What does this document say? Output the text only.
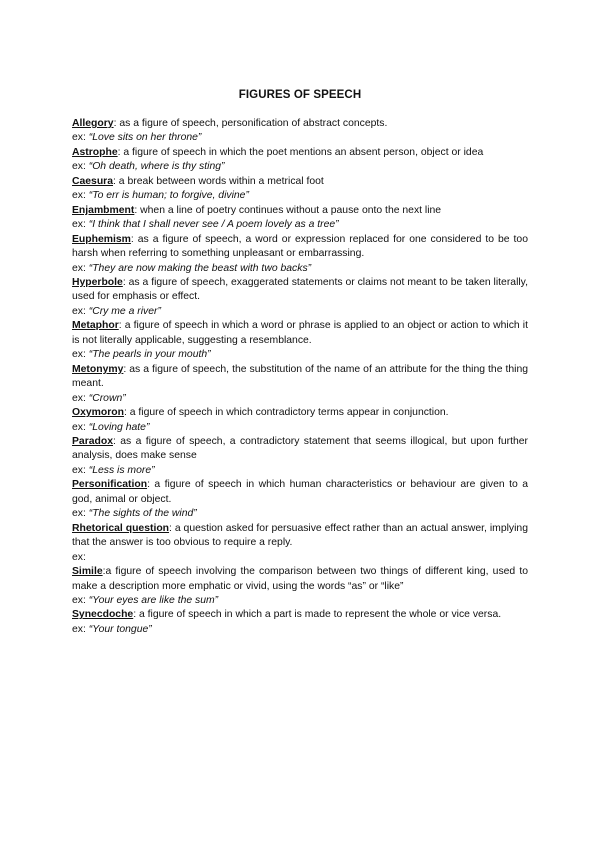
FIGURES OF SPEECH
Allegory: as a figure of speech, personification of abstract concepts.
ex: “Love sits on her throne”
Astrophe: a figure of speech in which the poet mentions an absent person, object or idea
ex: “Oh death, where is thy sting”
Caesura: a break between words within a metrical foot
ex: “To err is human; to forgive, divine”
Enjambment: when a line of poetry continues without a pause onto the next line
ex: “I think that I shall never see / A poem lovely as a tree”
Euphemism: as a figure of speech, a word or expression replaced for one considered to be too harsh when referring to something unpleasant or embarrassing.
ex: “They are now making the beast with two backs”
Hyperbole: as a figure of speech, exaggerated statements or claims not meant to be taken literally, used for emphasis or effect.
ex: “Cry me a river”
Metaphor: a figure of speech in which a word or phrase is applied to an object or action to which it is not literally applicable, suggesting a resemblance.
ex: “The pearls in your mouth”
Metonymy: as a figure of speech, the substitution of the name of an attribute for the thing the thing meant.
ex: “Crown”
Oxymoron: a figure of speech in which contradictory terms appear in conjunction.
ex: “Loving hate”
Paradox: as a figure of speech, a contradictory statement that seems illogical, but upon further analysis, does make sense
ex: “Less is more”
Personification: a figure of speech in which human characteristics or behaviour are given to a god, animal or object.
ex: “The sights of the wind”
Rhetorical question: a question asked for persuasive effect rather than an actual answer, implying that the answer is too obvious to require a reply.
ex:
Simile:a figure of speech involving the comparison between two things of different king, used to make a description more emphatic or vivid, using the words “as” or “like”
ex: “Your eyes are like the sum”
Synecdoche: a figure of speech in which a part is made to represent the whole or vice versa.
ex: “Your tongue”
